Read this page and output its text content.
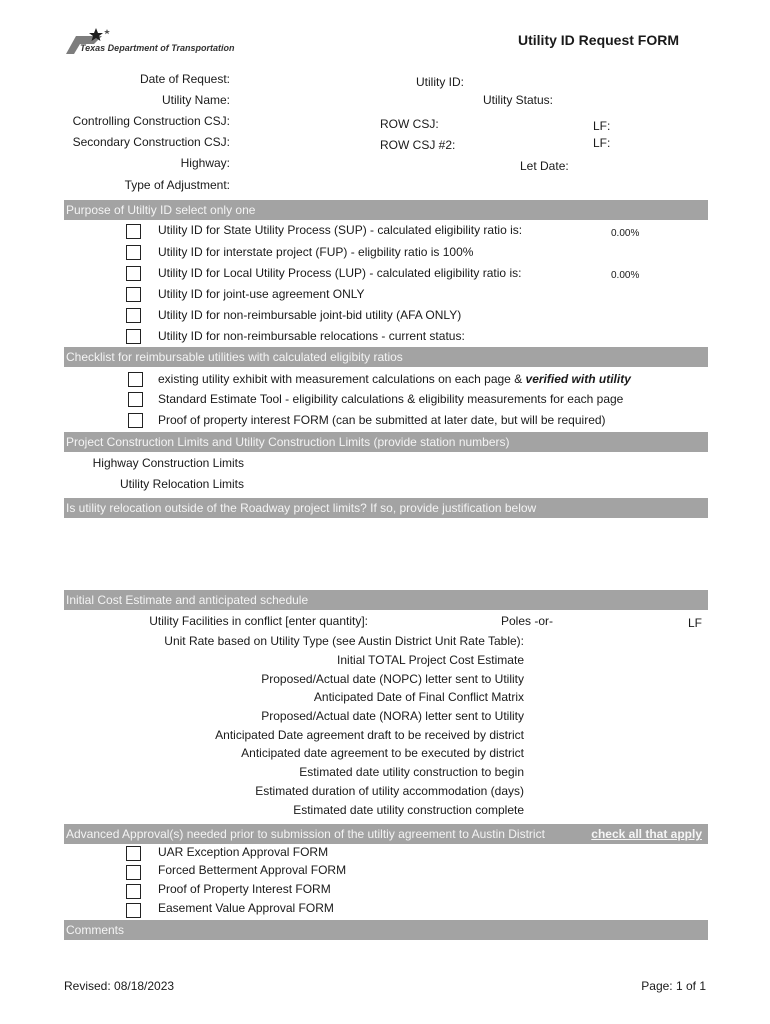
Texas Department of Transportation	Utility ID Request FORM
Date of Request:
Utility Name:
Controlling Construction CSJ:
Secondary Construction CSJ:
Highway:
Type of Adjustment:
Utility ID:
Utility Status:
ROW CSJ:
ROW CSJ #2:
LF:
LF:
Let Date:
Purpose of Utiltiy ID select only one
Utility ID for State Utility Process (SUP) - calculated eligibility ratio is:	0.00%
Utility ID for interstate project (FUP) - eligbility ratio is 100%
Utility ID for Local Utility Process (LUP) - calculated eligibility ratio is:	0.00%
Utility ID for joint-use agreement ONLY
Utility ID for non-reimbursable joint-bid utility (AFA ONLY)
Utility ID for non-reimbursable relocations - current status:
Checklist for reimbursable utilities with calculated eligibity ratios
existing utility exhibit with measurement calculations on each page & verified with utility
Standard Estimate Tool - eligibility calculations & eligibility measurements for each page
Proof of property interest FORM (can be submitted at later date, but will be required)
Project Construction Limits and Utility Construction Limits (provide station numbers)
Highway Construction Limits
Utility Relocation Limits
Is utility relocation outside of the Roadway project limits? If so, provide justification below
Initial Cost Estimate and anticipated schedule
Utility Facilities in conflict [enter quantity]:	Poles -or-	LF
Unit Rate based on Utility Type (see Austin District Unit Rate Table):
Initial TOTAL Project Cost Estimate
Proposed/Actual date (NOPC) letter sent to Utility
Anticipated Date of Final Conflict Matrix
Proposed/Actual date (NORA) letter sent to Utility
Anticipated Date agreement draft to be received by district
Anticipated date agreement to be executed by district
Estimated date utility construction to begin
Estimated duration of utility accommodation (days)
Estimated date utility construction complete
Advanced Approval(s) needed prior to submission of the utiltiy agreement to Austin District	check all that apply
UAR Exception Approval FORM
Forced Betterment Approval FORM
Proof of Property Interest FORM
Easement Value Approval FORM
Comments
Revised: 08/18/2023	Page: 1 of 1
